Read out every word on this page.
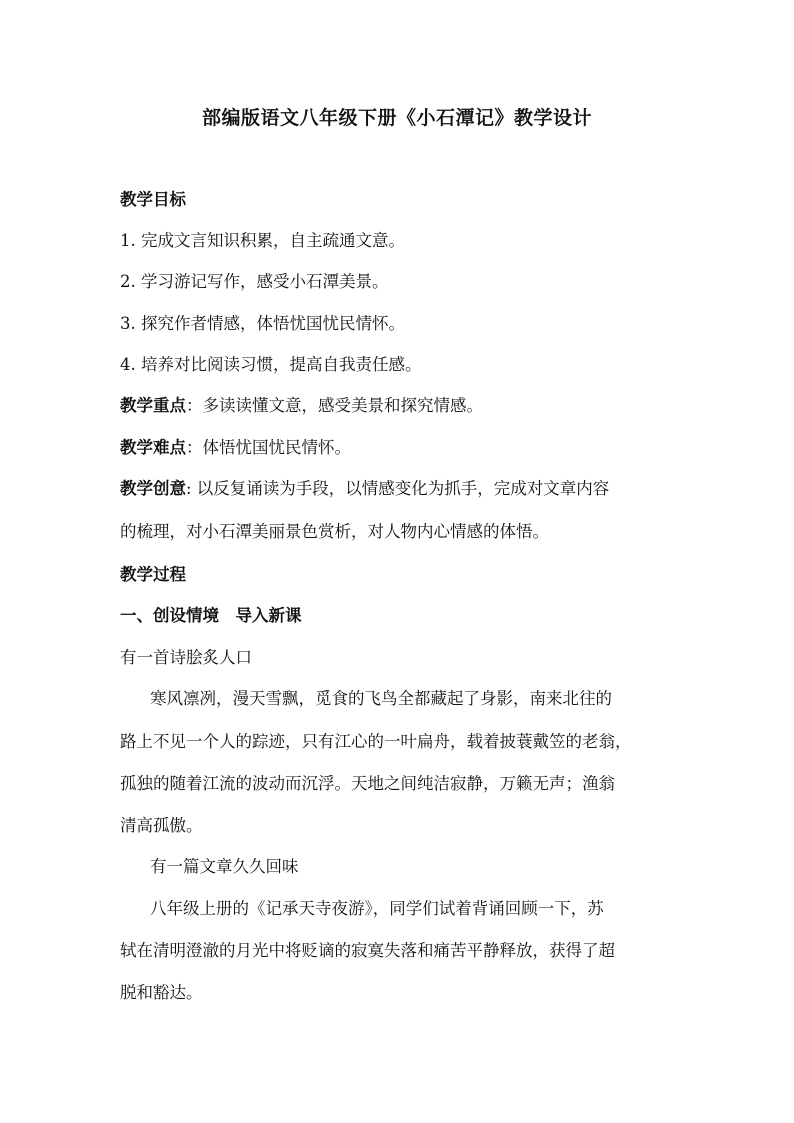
部编版语文八年级下册《小石潭记》教学设计
教学目标
1. 完成文言知识积累，自主疏通文意。
2. 学习游记写作，感受小石潭美景。
3. 探究作者情感，体悟忧国忧民情怀。
4. 培养对比阅读习惯，提高自我责任感。
教学重点：多读读懂文意，感受美景和探究情感。
教学难点：体悟忧国忧民情怀。
教学创意: 以反复诵读为手段，以情感变化为抓手，完成对文章内容
的梳理，对小石潭美丽景色赏析，对人物内心情感的体悟。
教学过程
一、创设情境　导入新课
有一首诗脍炙人口
寒风凛冽，漫天雪飘，觅食的飞鸟全都藏起了身影，南来北往的
路上不见一个人的踪迹，只有江心的一叶扁舟，载着披蓑戴笠的老翁，
孤独的随着江流的波动而沉浮。天地之间纯洁寂静，万籁无声；渔翁
清高孤傲。
有一篇文章久久回味
八年级上册的《记承天寺夜游》，同学们试着背诵回顾一下，苏
轼在清明澄澈的月光中将贬谪的寂寞失落和痛苦平静释放，获得了超
脱和豁达。
